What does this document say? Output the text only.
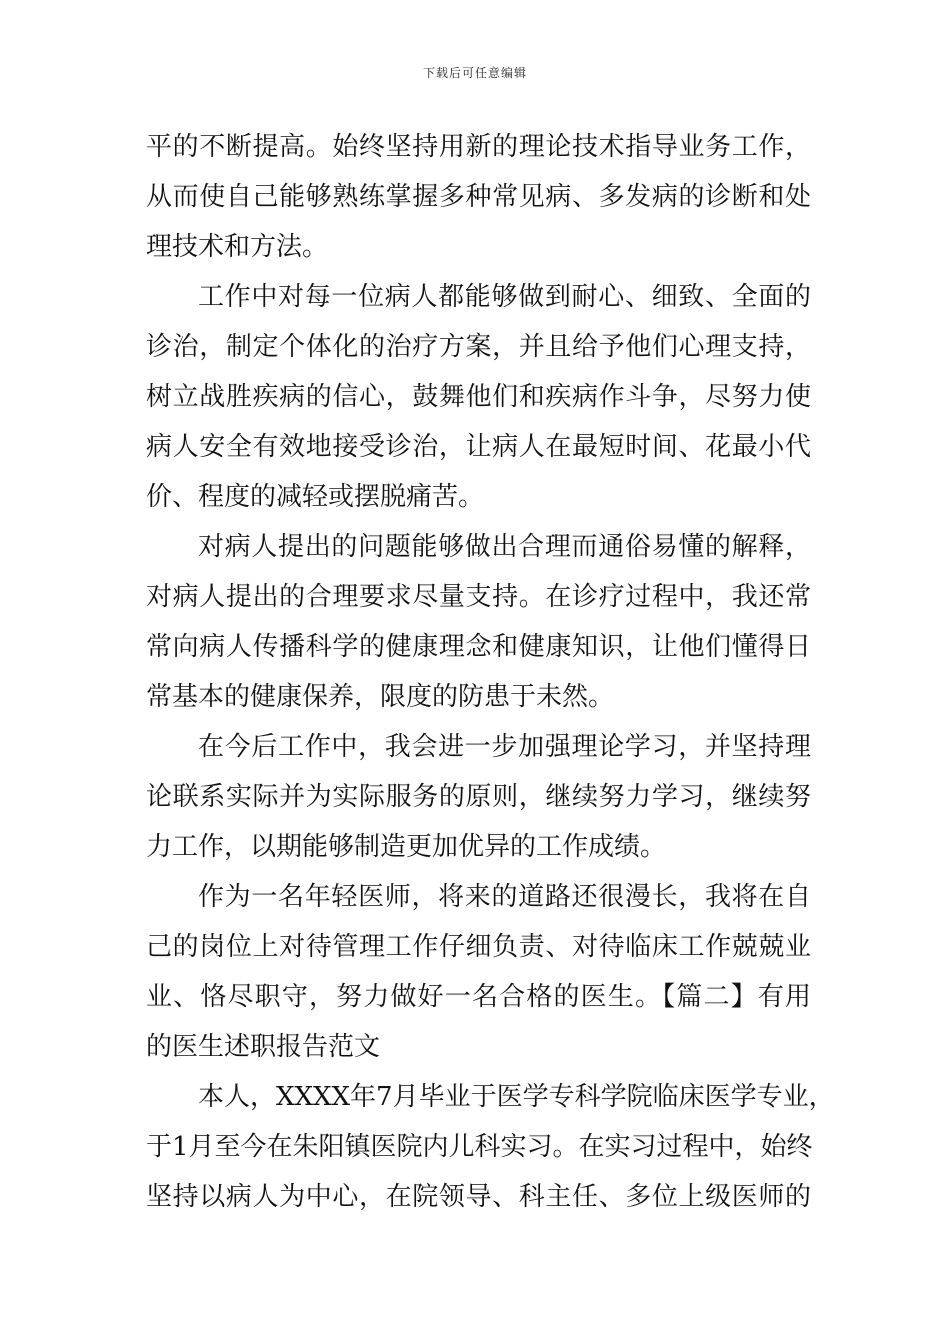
下载后可任意编辑
平的不断提高。始终坚持用新的理论技术指导业务工作，
从而使自己能够熟练掌握多种常见病、多发病的诊断和处
理技术和方法。
工作中对每一位病人都能够做到耐心、细致、全面的
诊治，制定个体化的治疗方案，并且给予他们心理支持，
树立战胜疾病的信心，鼓舞他们和疾病作斗争，尽努力使
病人安全有效地接受诊治，让病人在最短时间、花最小代
价、程度的减轻或摆脱痛苦。
对病人提出的问题能够做出合理而通俗易懂的解释，
对病人提出的合理要求尽量支持。在诊疗过程中，我还常
常向病人传播科学的健康理念和健康知识，让他们懂得日
常基本的健康保养，限度的防患于未然。
在今后工作中，我会进一步加强理论学习，并坚持理
论联系实际并为实际服务的原则，继续努力学习，继续努
力工作，以期能够制造更加优异的工作成绩。
作为一名年轻医师，将来的道路还很漫长，我将在自
己的岗位上对待管理工作仔细负责、对待临床工作兢兢业
业、恪尽职守，努力做好一名合格的医生。【篇二】有用
的医生述职报告范文
本人，XXXX年7月毕业于医学专科学院临床医学专业，
于1月至今在朱阳镇医院内儿科实习。在实习过程中，始终
坚持以病人为中心，在院领导、科主任、多位上级医师的
